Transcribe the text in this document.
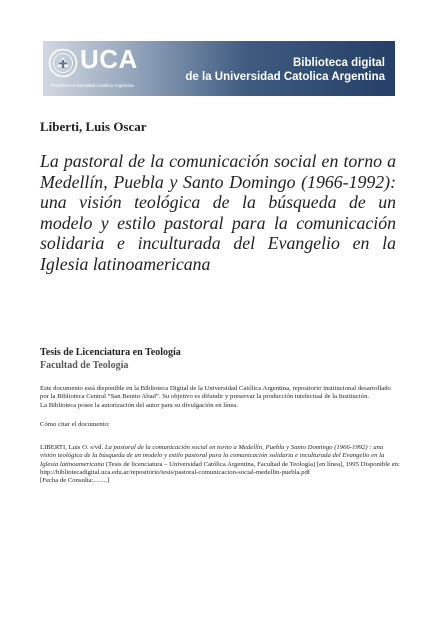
UCA
Pontificia Universidad Católica Argentina
Biblioteca digital
de la Universidad Catolica Argentina
Liberti, Luis Oscar
La pastoral de la comunicación social en torno a Medellín, Puebla y Santo Domingo (1966-1992): una visión teológica de la búsqueda de un modelo y estilo pastoral para la comunicación solidaria e inculturada del Evangelio en la Iglesia latinoamericana
Tesis de Licenciatura en Teología
Facultad de Teología

Este documento está disponible en la Biblioteca Digital de la Universidad Católica Argentina, repositorio institucional desarrollado por la Biblioteca Central “San Benito Abad”. Su objetivo es difundir y preservar la producción intelectual de la Institución.

La Biblioteca posee la autorización del autor para su divulgación en línea.

Cómo citar el documento:

LIBERTI, Luis O. s/vd. La pastoral de la comunicación social en torno a Medellín, Puebla y Santo Domingo (1966-1992) : una visión teológica de la búsqueda de un modelo y estilo pastoral para la comunicación solidaria e inculturada del Evangelio en la Iglesia latinoamericana (Tesis de licenciatura – Universidad Católica Argentina, Facultad de Teología) [en línea], 1995 Disponible en:

http://bibliotecadigital.uca.edu.ar/repositorio/tesis/pastoral-comunicacion-social-medellin-puebla.pdf

[Fecha de Consulta:........]
